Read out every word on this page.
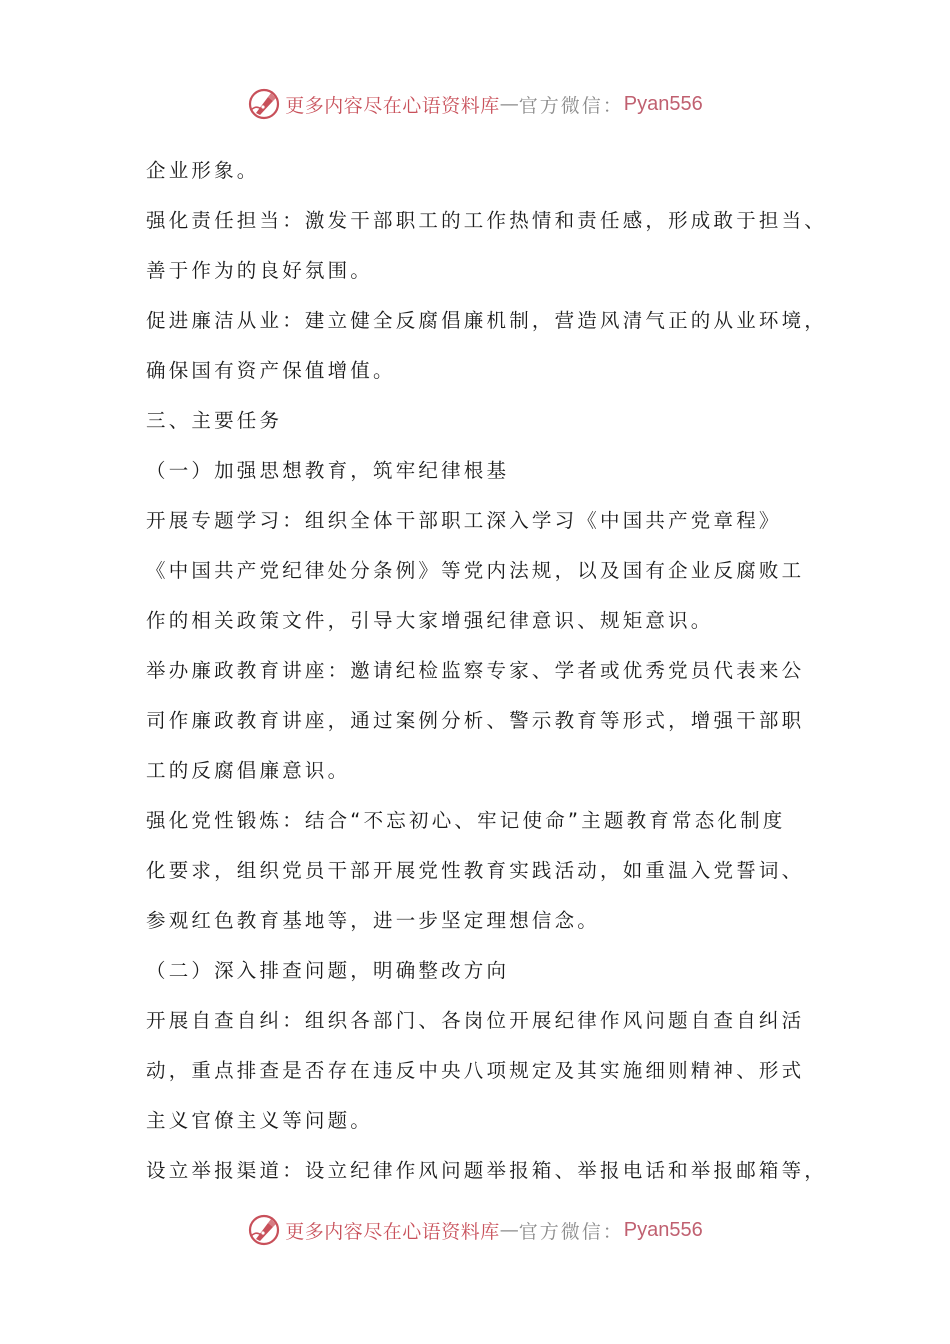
更多内容尽在心语资料库 — 官方微信： Pyan556

企业形象。

强化责任担当：激发干部职工的工作热情和责任感，形成敢于担当、

善于作为的良好氛围。

促进廉洁从业：建立健全反腐倡廉机制，营造风清气正的从业环境，

确保国有资产保值增值。

三、主要任务

（一）加强思想教育，筑牢纪律根基

开展专题学习：组织全体干部职工深入学习《中国共产党章程》

《中国共产党纪律处分条例》等党内法规，以及国有企业反腐败工

作的相关政策文件，引导大家增强纪律意识、规矩意识。

举办廉政教育讲座：邀请纪检监察专家、学者或优秀党员代表来公

司作廉政教育讲座，通过案例分析、警示教育等形式，增强干部职

工的反腐倡廉意识。

强化党性锻炼：结合“不忘初心、牢记使命”主题教育常态化制度

化要求，组织党员干部开展党性教育实践活动，如重温入党誓词、

参观红色教育基地等，进一步坚定理想信念。

（二）深入排查问题，明确整改方向

开展自查自纠：组织各部门、各岗位开展纪律作风问题自查自纠活

动，重点排查是否存在违反中央八项规定及其实施细则精神、形式

主义官僚主义等问题。

设立举报渠道：设立纪律作风问题举报箱、举报电话和举报邮箱等，

更多内容尽在心语资料库 — 官方微信： Pyan556
